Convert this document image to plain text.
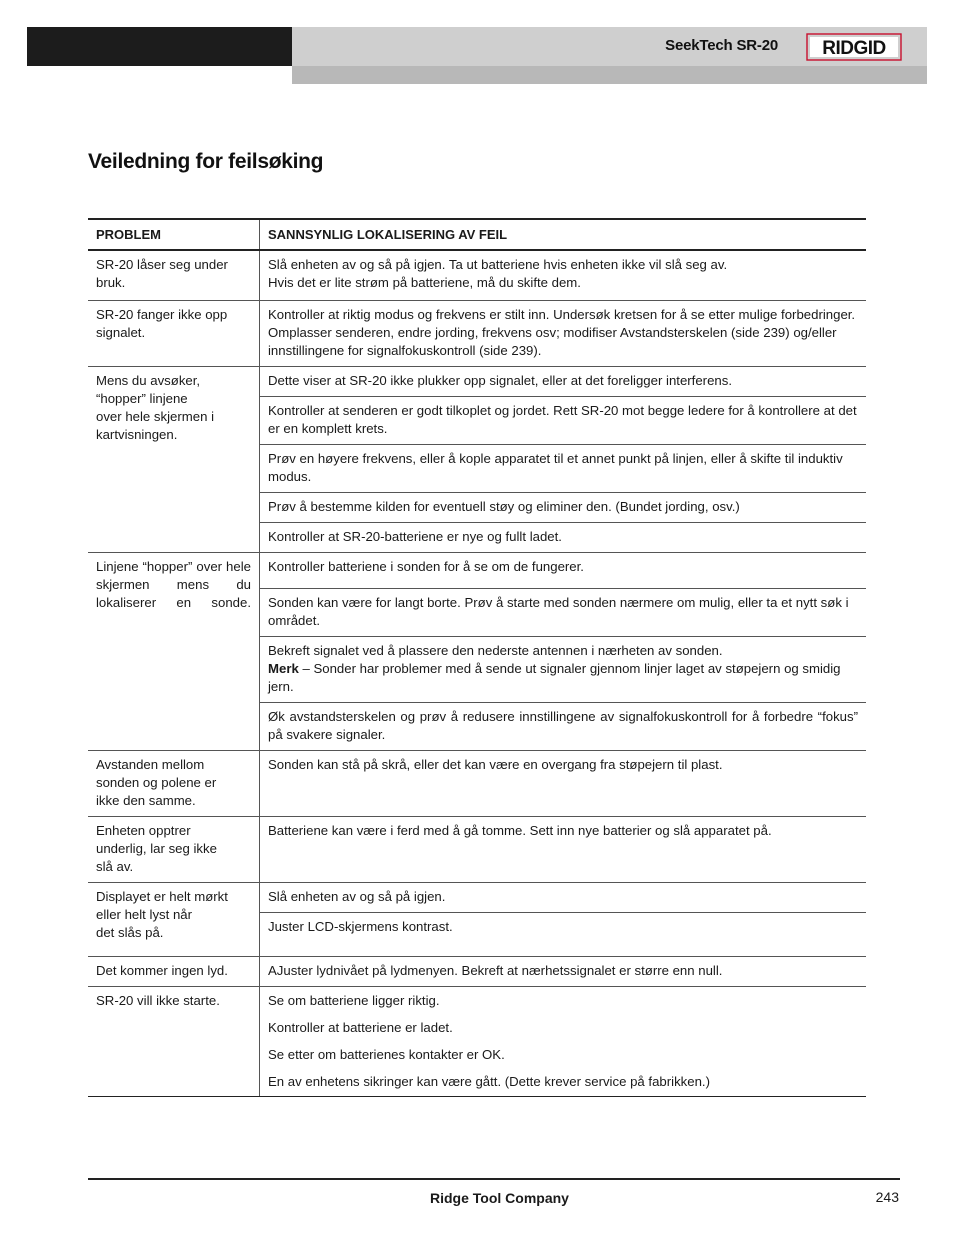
SeekTech SR-20 RIDGID
Veiledning for feilsøking
PROBLEM	SANNSYNLIG LOKALISERING AV FEIL
SR-20 låser seg under bruk.	Slå enheten av og så på igjen. Ta ut batteriene hvis enheten ikke vil slå seg av.
Hvis det er lite strøm på batteriene, må du skifte dem.
SR-20 fanger ikke opp signalet.	Kontroller at riktig modus og frekvens er stilt inn. Undersøk kretsen for å se etter mulige forbedringer. Omplasser senderen, endre jording, frekvens osv; modifiser Avstandsterskelen (side 239) og/eller innstillingene for signalfokuskontroll (side 239).
Mens du avsøker,
“hopper” linjene
over hele skjermen i
kartvisningen.	Dette viser at SR-20 ikke plukker opp signalet, eller at det foreligger interferens.
	Kontroller at senderen er godt tilkoplet og jordet. Rett SR-20 mot begge ledere for å kontrollere at det er en komplett krets.
	Prøv en høyere frekvens, eller å kople apparatet til et annet punkt på linjen, eller å skifte til induktiv modus.
	Prøv å bestemme kilden for eventuell støy og eliminer den. (Bundet jording, osv.)
	Kontroller at SR-20-batteriene er nye og fullt ladet.
Linjene “hopper” over hele skjermen mens du lokaliserer en sonde.	Kontroller batteriene i sonden for å se om de fungerer.
	Sonden kan være for langt borte. Prøv å starte med sonden nærmere om mulig, eller ta et nytt søk i området.
	Bekreft signalet ved å plassere den nederste antennen i nærheten av sonden.
Merk – Sonder har problemer med å sende ut signaler gjennom linjer laget av støpejern og smidig jern.
	Øk avstandsterskelen og prøv å redusere innstillingene av signalfokuskontroll for å forbedre “fokus” på svakere signaler.
Avstanden mellom
sonden og polene er
ikke den samme.	Sonden kan stå på skrå, eller det kan være en overgang fra støpejern til plast.
Enheten opptrer
underlig, lar seg ikke
slå av.	Batteriene kan være i ferd med å gå tomme. Sett inn nye batterier og slå apparatet på.
Displayet er helt mørkt
eller helt lyst når
det slås på.	Slå enheten av og så på igjen.
	Juster LCD-skjermens kontrast.
Det kommer ingen lyd.	AJuster lydnivået på lydmenyen. Bekreft at nærhetssignalet er større enn null.
SR-20 vill ikke starte.	Se om batteriene ligger riktig.
Kontroller at batteriene er ladet.
Se etter om batterienes kontakter er OK.
En av enhetens sikringer kan være gått. (Dette krever service på fabrikken.)
Ridge Tool Company	243
